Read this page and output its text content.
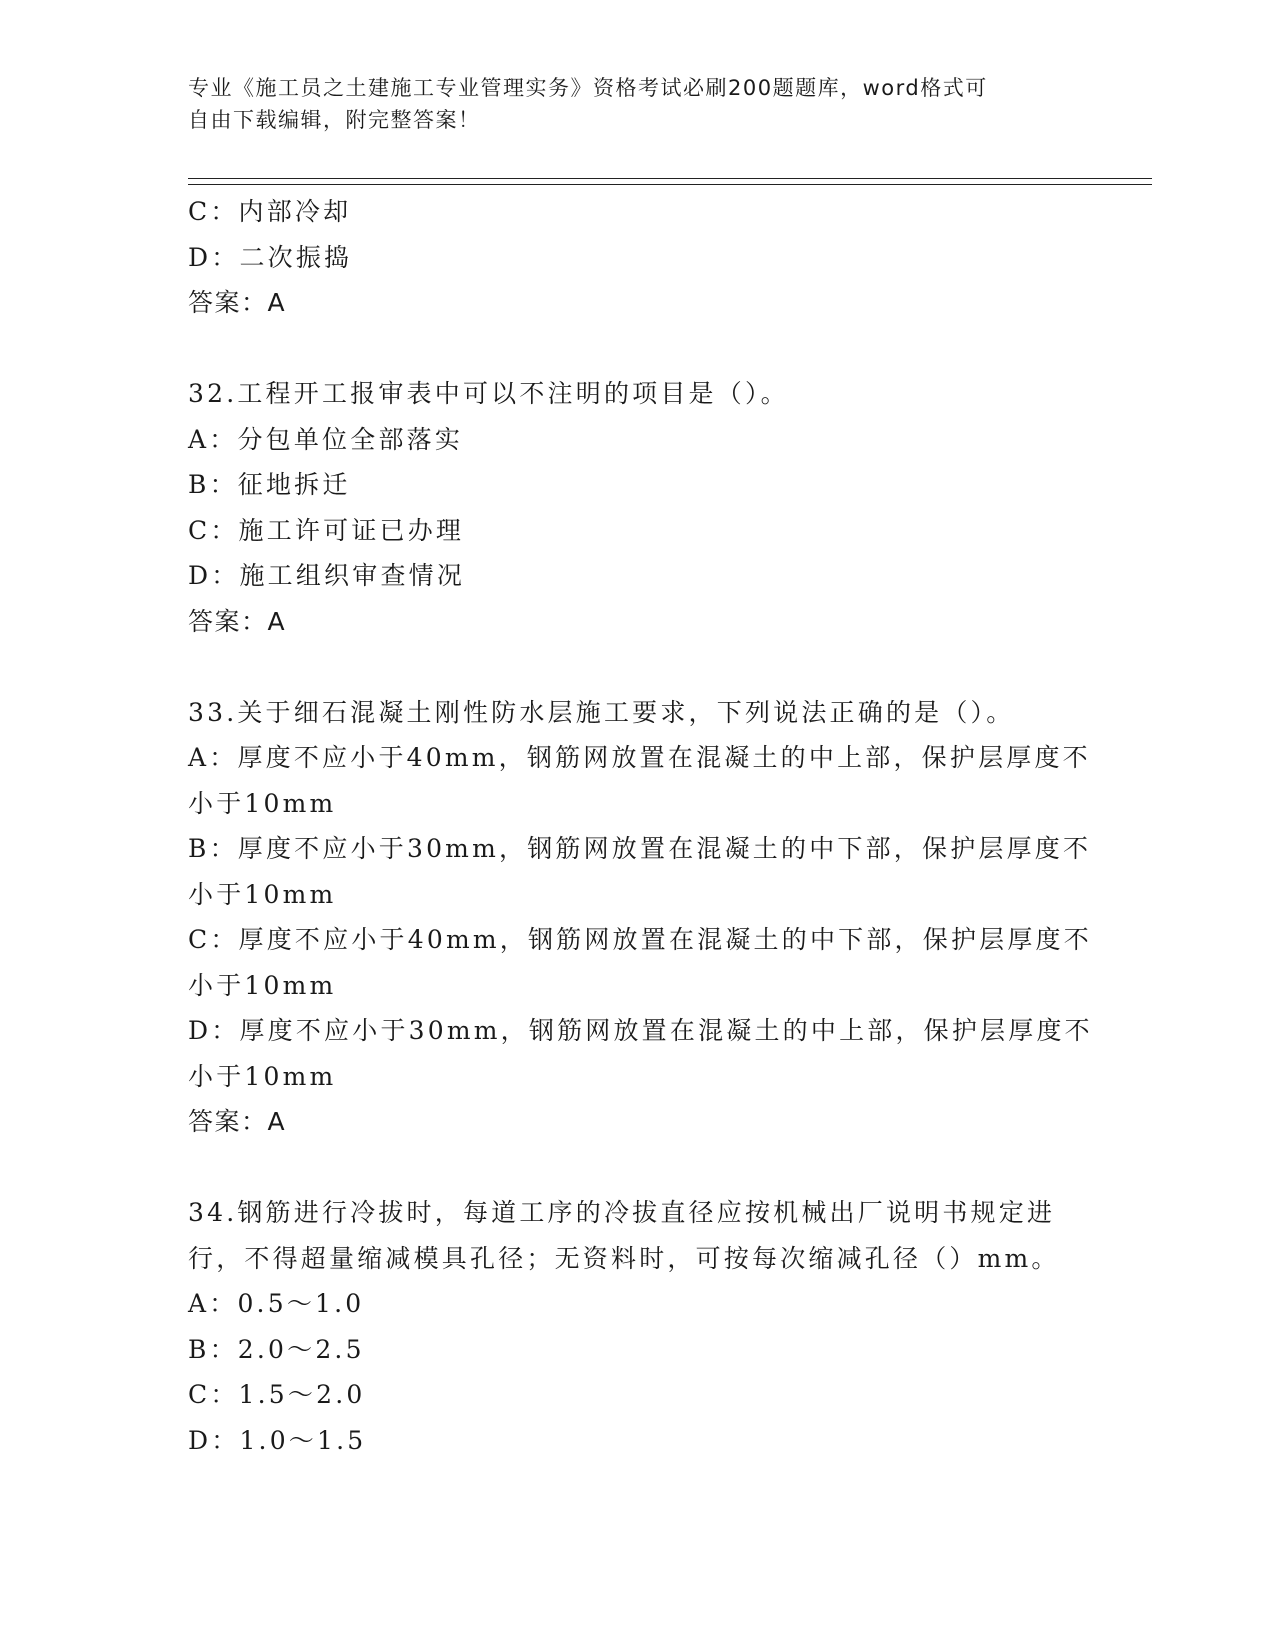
专业《施工员之土建施工专业管理实务》资格考试必刷200题题库，word格式可
自由下载编辑，附完整答案！
C：内部冷却
D：二次振捣
答案：A
32.工程开工报审表中可以不注明的项目是（）。
A：分包单位全部落实
B：征地拆迁
C：施工许可证已办理
D：施工组织审查情况
答案：A
33.关于细石混凝土刚性防水层施工要求，下列说法正确的是（）。
A：厚度不应小于40mm，钢筋网放置在混凝土的中上部，保护层厚度不
小于10mm
B：厚度不应小于30mm，钢筋网放置在混凝土的中下部，保护层厚度不
小于10mm
C：厚度不应小于40mm，钢筋网放置在混凝土的中下部，保护层厚度不
小于10mm
D：厚度不应小于30mm，钢筋网放置在混凝土的中上部，保护层厚度不
小于10mm
答案：A
34.钢筋进行冷拔时，每道工序的冷拔直径应按机械出厂说明书规定进
行，不得超量缩减模具孔径；无资料时，可按每次缩减孔径（）mm。
A：0.5～1.0
B：2.0～2.5
C：1.5～2.0
D：1.0～1.5
